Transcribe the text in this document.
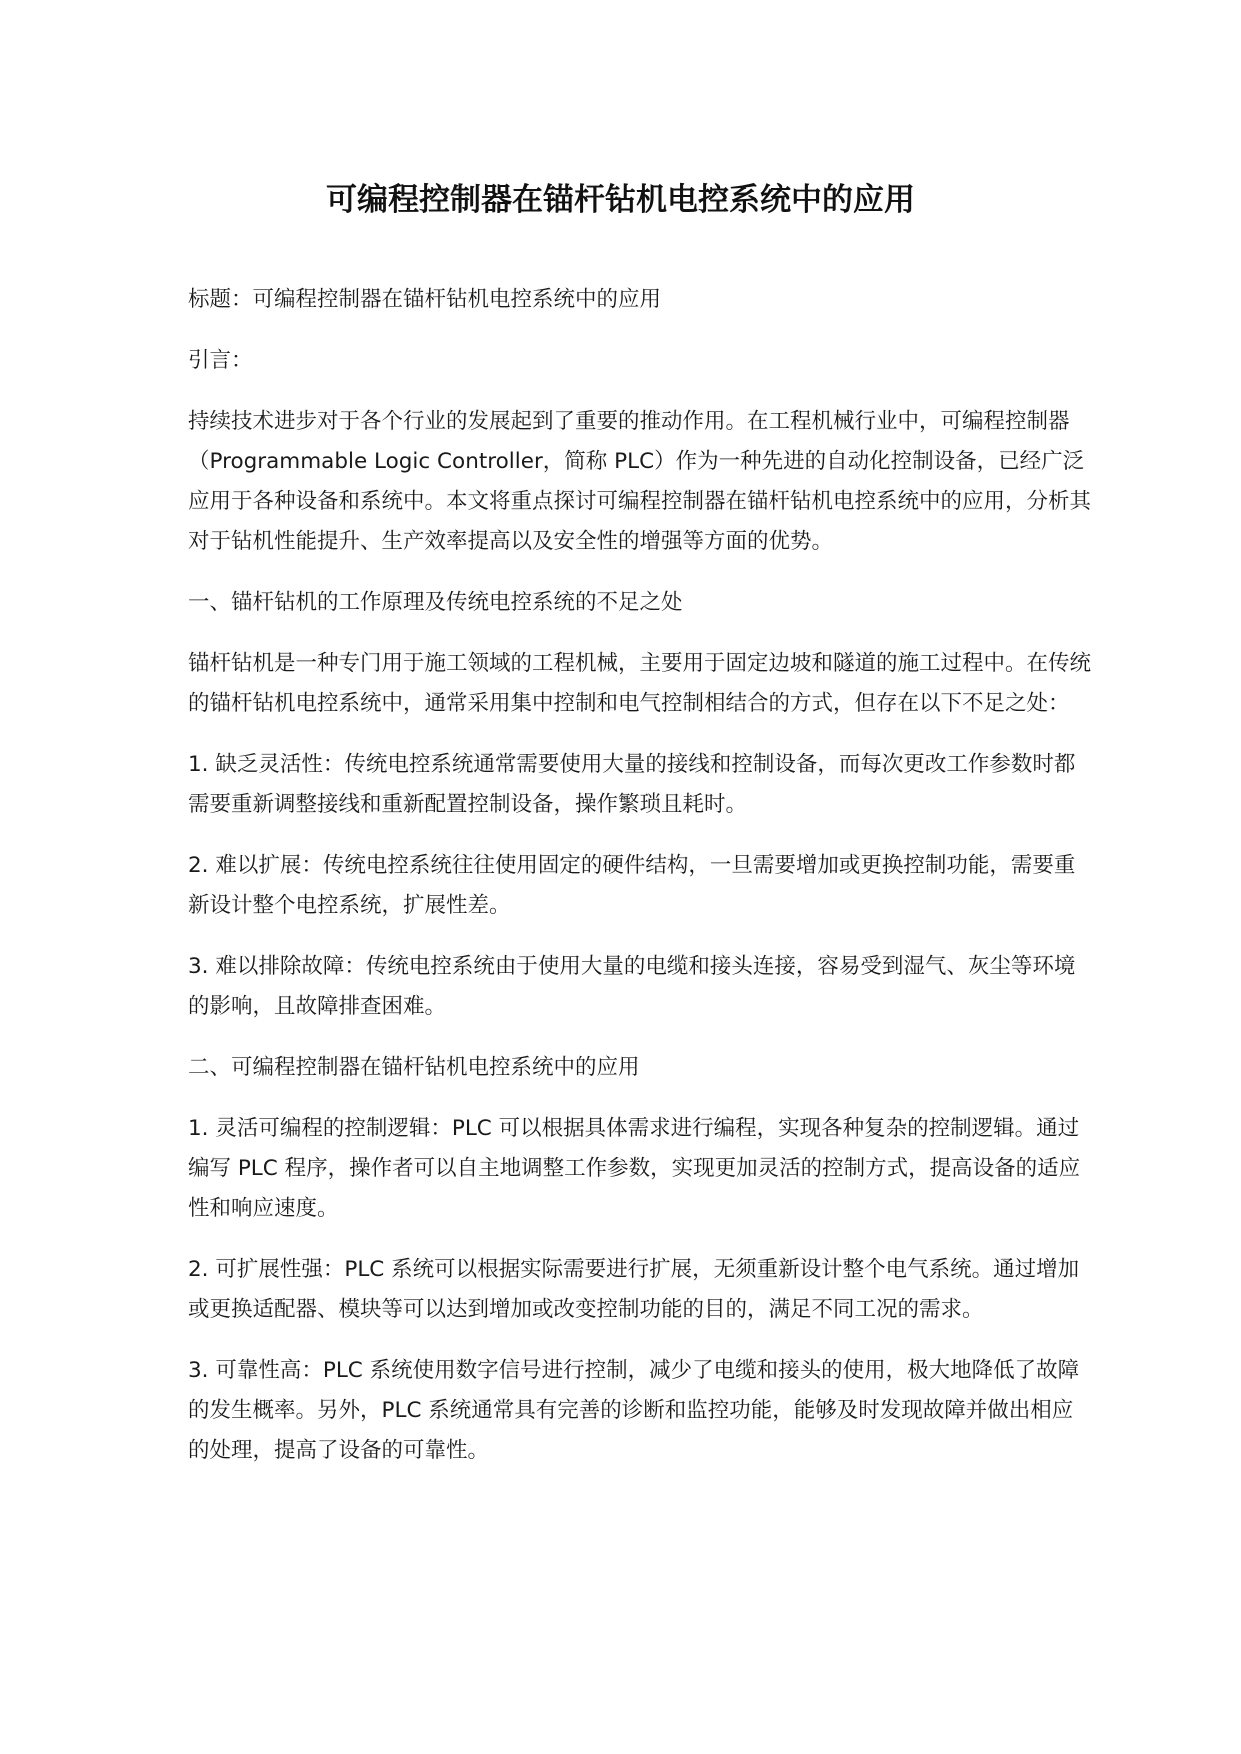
可编程控制器在锚杆钻机电控系统中的应用

标题：可编程控制器在锚杆钻机电控系统中的应用

引言：

持续技术进步对于各个行业的发展起到了重要的推动作用。在工程机械行业中，可编程控制器（Programmable Logic Controller，简称 PLC）作为一种先进的自动化控制设备，已经广泛应用于各种设备和系统中。本文将重点探讨可编程控制器在锚杆钻机电控系统中的应用，分析其对于钻机性能提升、生产效率提高以及安全性的增强等方面的优势。

一、锚杆钻机的工作原理及传统电控系统的不足之处

锚杆钻机是一种专门用于施工领域的工程机械，主要用于固定边坡和隧道的施工过程中。在传统的锚杆钻机电控系统中，通常采用集中控制和电气控制相结合的方式，但存在以下不足之处：

1. 缺乏灵活性：传统电控系统通常需要使用大量的接线和控制设备，而每次更改工作参数时都需要重新调整接线和重新配置控制设备，操作繁琐且耗时。

2. 难以扩展：传统电控系统往往使用固定的硬件结构，一旦需要增加或更换控制功能，需要重新设计整个电控系统，扩展性差。

3. 难以排除故障：传统电控系统由于使用大量的电缆和接头连接，容易受到湿气、灰尘等环境的影响，且故障排查困难。

二、可编程控制器在锚杆钻机电控系统中的应用

1. 灵活可编程的控制逻辑：PLC 可以根据具体需求进行编程，实现各种复杂的控制逻辑。通过编写 PLC 程序，操作者可以自主地调整工作参数，实现更加灵活的控制方式，提高设备的适应性和响应速度。

2. 可扩展性强：PLC 系统可以根据实际需要进行扩展，无须重新设计整个电气系统。通过增加或更换适配器、模块等可以达到增加或改变控制功能的目的，满足不同工况的需求。

3. 可靠性高：PLC 系统使用数字信号进行控制，减少了电缆和接头的使用，极大地降低了故障的发生概率。另外，PLC 系统通常具有完善的诊断和监控功能，能够及时发现故障并做出相应的处理，提高了设备的可靠性。
